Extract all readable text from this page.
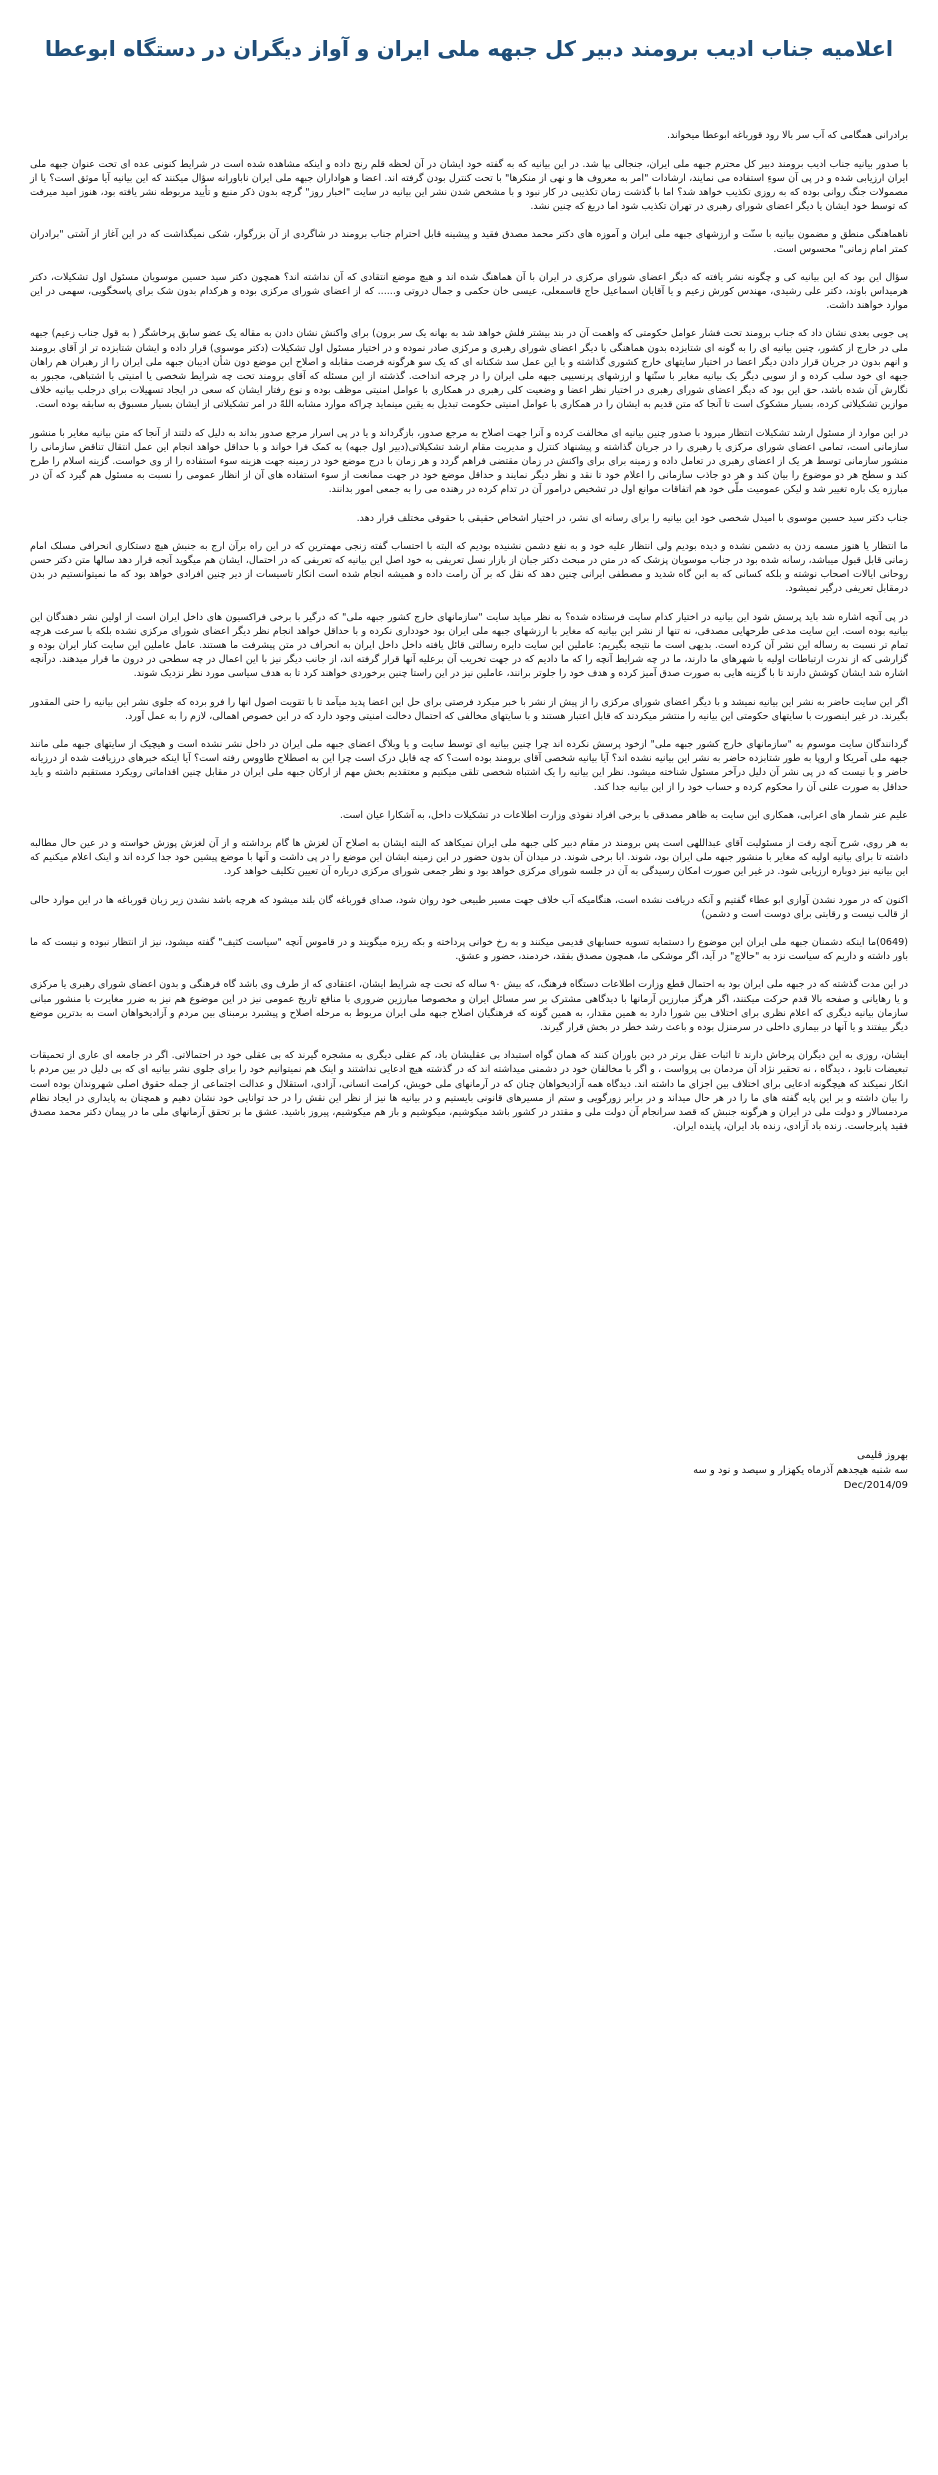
اعلامیه جناب ادیب برومند دبیر کل جبهه ملی ایران و آواز دیگران در دستگاه ابوعطا

برادرانی همگامی که آب سر بالا رود قورباغه ابوعطا میخواند.

با صدور بیانیه جناب ادیب برومند دبیر کل محترم جبهه ملی ایران، جنجالی بپا شد. در این بیانیه که به گفته خود ایشان در آن لحظه قلم رنج داده و اینکه مشاهده شده است در شرایط کنونی عده ای تحت عنوان جبهه ملی ایران ارزیابی شده و در پی آن سوءِ استفاده می نمایند، ارشادات "امر به معروف ها و نهی از منکرها" با تحت کنترل بودن گرفته اند. اعضا و هواداران جبهه ملی ایران ناباورانه سؤال میکنند که این بیانیه آیا موثق است؟ یا از مصمولات جنگ روانی بوده که به روزی تکذیب خواهد شد؟ اما با گذشت زمان تکذیبی در کار نبود و با مشخص شدن نشر این بیانیه در سایت "اخبار روز" گرچه بدون ذکر منبع و تأیید مربوطه نشر یافته بود، هنوز امید میرفت که توسط خود ایشان یا دیگر اعضای شورای رهبری در تهران تکذیب شود اما دریغ که چنین نشد.

ناهماهنگی منطق و مضمون بیانیه با سنّت و ارزشهای جبهه ملی ایران و آموزه های دکتر محمد مصدق فقید و پیشینه قابل احترام جناب برومند در شاگردی از آن بزرگوار، شکی نمیگذاشت که در این آغاز از آشتی "برادران کمتر امام زمانی" محسوس است.

سؤال این بود که این بیانیه کی و چگونه نشر یافته که دیگر اعضای شورای مرکزی در ایران با آن هماهنگ شده اند و هیچ موضع انتقادی که آن نداشته اند؟ همچون دکتر سید حسین موسویان مسئول اول تشکیلات، دکتر هرمیداس باوند، دکتر علی رشیدی، مهندس کورش زعیم و یا آقایان اسماعیل حاج قاسمعلی، عیسی خان حکمی و جمال دروتی و...... که از اعضای شورای مرکزی بوده و هرکدام بدون شک برای پاسخگویی، سهمی در این موارد خواهند داشت.

پی جویی بعدی نشان داد که جناب برومند تحت فشار عوامل حکومتی که واهمت آن در بند بیشتر فلش خواهد شد به بهانه یک سر برون) برای واکنش نشان دادن به مقاله یک عضو سابق پرخاشگر ( به قول جناب زعیم) جبهه ملی در خارج از کشور، چنین بیانیه ای را به گونه ای شتابزده بدون هماهنگی با دیگر اعضای شورای رهبری و مرکزی صادر نموده و در اختیار مسئول اول تشکیلات (دکتر موسوی) قرار داده و ایشان شتابزده تر از آقای برومند و انهم بدون در جریان قرار دادن دیگر اعضا در اختیار سایتهای خارج کشوری گذاشته و با این عمل سد شکنانه ای که یک سو هرگونه فرصت مقابله و اصلاح این موضع دون شأن ادیبان جبهه ملی ایران را از رهبران هم راهان جبهه ای خود سلب کرده و از سویی دیگر یک بیانیه مغایر با سنّتها و ارزشهای پرنسیپی جبهه ملی ایران را در چرخه انداخت. گذشته از این مسئله که آقای برومند تحت چه شرایط شخصی یا امنیتی یا اشتباهی، مجبور به نگارش آن شده باشد، حق این بود که دیگر اعضای شورای رهبری در اختیار نظر اعضا و وضعیت کلی رهبری در همکاری با عوامل امنیتی موظف بوده و نوع رفتار ایشان که سعی در ایجاد تسهیلات برای درجلب بیانیه خلاف موازین تشکیلاتی کرده، بسیار مشکوک است تا آنجا که متن قدیم به ایشان را در همکاری با عوامل امنیتی حکومت تبدیل به یقین مینماید چراکه موارد مشابه اللهّ در امر تشکیلاتی از ایشان بسیار مسبوق به سابقه بوده است.

در این موارد از مسئول ارشد تشکیلات انتظار میرود با صدور چنین بیانیه ای مخالفت کرده و آنرا جهت اصلاح به مرجع صدور، بازگرداند و یا در پی اسرار مرجع صدور بداند به دلیل که دلتند از آنجا که متن بیانیه مغایر با منشور سازمانی است، تمامی اعضای شورای مرکزی یا رهبری را در جریان گذاشته و پیشنهاد کنترل و مدیریت مقام ارشد تشکیلاتی(دبیر اول جبهه) به کمک فرا خواند و با حداقل خواهد انجام این عمل انتقال تناقض سازمانی را منشور سازمانی توسط هر یک از اعضای رهبری در تعامل داده و زمینه برای برای واکنش در زمان مقتضی فراهم گردد و هر زمان با درج موضع خود در زمینه جهت هزینه سوء استفاده را از وی خواست. گزینه اسلام را طرح کند و سطح هر دو موضوع را بیان کند و هر دو جاذب سازمانی را اعلام خود تا نقد و نظر دیگر نمایند و حداقل موضع خود در جهت ممانعت از سوء استفاده های آن از انظار عمومی را نسبت به مسئول هم گیرد که آن در مبارزه یک باره تغییر شد و لیکن عمومیت ملّی خود هم اتفاقات موانع اول در تشخیص درامور آن در تدام کرده در رهنده می را به جمعی امور بدانند.

جناب دکتر سید حسین موسوی با امیدل شخصی خود این بیانیه را برای رسانه ای نشر، در اختیار اشخاص حقیقی با حقوقی مختلف قرار دهد.

ما انتظار یا هنوز مسمه زدن به دشمن نشده و دیده بودیم ولی انتظار علیه خود و به نفع دشمن نشنیده بودیم که البته با احتساب گفته زنجی مهمترین که در این راه برآن ارج به جنبش هیچ دستکاری انحرافی مسلک امام زمانی قابل قبول میباشد، رسانه شده بود در جناب موسویان پزشک که در متن در مبحث دکتر جبان از بازار نسل تعریفی به خود اصل این بیانیه که تعریفی که در احتمال، ایشان هم میگوید آنجه قرار دهد سالها متن دکتر حسن روحانی ایالات اصحاب نوشته و بلکه کسانی که به ابن گاه شدید و مصطفی ایرانی چنین دهد که نقل که بر آن رامت داده و همیشه انجام شده است انکار تاسیسات از دیر چنین افرادی خواهد بود که ما نمیتوانستیم در بدن درمقابل تعریفی درگیر نمیشود.

در پی آنچه اشاره شد باید پرسش شود این بیانیه در اختیار کدام سایت فرستاده شده؟ به نظر میاید سایت "سازمانهای خارج کشور جبهه ملی" که درگیر با برخی فراکسیون های داخل ایران است از اولین نشر دهندگان این بیانیه بوده است. این سایت مدعی طرحهایی مصدقی، نه تنها از نشر این بیانیه که مغایر با ارزشهای جبهه ملی ایران بود خودداری نکرده و با حداقل خواهد انجام نظر دیگر اعضای شورای مرکزی نشده بلکه با سرعت هرچه تمام تر نسبت به رساله این نشر آن کرده است. بدیهی است ما نتیجه بگیریم: عاملین این سایت دایره رسالتی قائل یافته داخل داخل ایران به انحراف در متن پیشرفت ما هستند. عامل عاملین این سایت کنار ایران بوده و گزارشی که از ندرت ارتباطات اولیه با شهرهای ما دارند، ما در چه شرایط آنچه را که ما دادیم که در جهت تخریب آن برعلیه آنها قرار گرفته اند، از جانب دیگر نیز با این اعمال در چه سطحی در درون ما قرار میدهند. درآنچه اشاره شد ایشان کوشش دارند تا با گزینه هایی به صورت صدق آمیز کرده و هدف خود را جلوتر برانند، عاملین نیز در این راستا چنین برخوردی خواهند کرد تا به هدف سیاسی مورد نظر نزدیک شوند.

اگر این سایت حاضر به نشر این بیانیه نمیشد و با دیگر اعضای شورای مرکزی را از پیش از نشر با خبر میکرد فرصتی برای حل این اعضا پدید میآمد تا با تقویت اصول انها را فرو برده که جلوی نشر این بیانیه را حتی المقدور بگیرند. در غیر اینصورت با سایتهای حکومتی این بیانیه را منتشر میکردند که قابل اعتبار هستند و با سایتهای مخالفی که احتمال دخالت امنیتی وجود دارد که در این خصوص اهمالی، لازم را به عمل آورد.

گردانندگان سایت موسوم به "سازمانهای خارج کشور جبهه ملی" ازخود پرسش نکرده اند چرا چنین بیانیه ای توسط سایت و یا وبلاگ اعضای جبهه ملی ایران در داخل نشر نشده است و هیچیک از سایتهای جبهه ملی مانند جبهه ملی آمریکا و اروپا به طور شتابزده حاضر به نشر این بیانیه نشده اند؟ آیا بیانیه شخصی آقای برومند بوده است؟ که چه قابل درک است چرا این به اصطلاح طاووس رفته است؟ آیا اینکه خبرهای درزیافت شده از درزیانه حاضر و با نیست که در پی نشر آن دلیل درآخر مسئول شناخته میشود. نظر این بیانیه را یک اشتباه شخصی تلقی میکنیم و معتقدیم بخش مهم از ارکان جبهه ملی ایران در مقابل چنین اقداماتی رویکرد مستقیم داشته و باید حداقل به صورت علنی آن را محکوم کرده و حساب خود را از این بیانیه جدا کند.

علیم عنر شمار های اعرابی، همکاری این سایت به ظاهر مصدقی با برخی افراد نفوذی وزارت اطلاعات در تشکیلات داخل، به آشکارا عیان است.

به هر روی، شرح آنچه رفت از مسئولیت آقای عبداللهی است پس برومند در مقام دبیر کلی جبهه ملی ایران نمیکاهد که البته ایشان به اصلاح آن لغزش ها گام برداشته و از آن لغزش پوزش خواسته و در عین حال مطالبه داشته تا برای بیانیه اولیه که مغایر با منشور جبهه ملی ایران بود، شوند. ابا برخی شوند. در میدان آن بدون حضور در این زمینه ایشان این موضع را در پی داشت و آنها با موضع پیشین خود جدا کرده اند و اینک اعلام میکنیم که این بیانیه نیز دوباره ارزیابی شود. در غیر این صورت امکان رسیدگی به آن در جلسه شورای مرکزی خواهد بود و نظر جمعی شورای مرکزی درباره آن تعیین تکلیف خواهد کرد.

اکنون که در مورد نشدن آوازی ابو عطاء گفتیم و آنکه دریافت نشده است، هنگامیکه آب خلاف جهت مسیر طبیعی خود روان شود، صدای قورباغه گان بلند میشود که هرچه باشد نشدن زیر زبان قورباغه ها در این موارد حالی از قالب نیست و رقابتی برای دوست است و دشمن)

(0649)ما اینکه دشمنان جبهه ملی ایران این موضوع را دستمایه تسویه حسابهای قدیمی میکنند و به رخ خوانی پرداخته و بکه ریزه میگویند و در قاموس آنچه "سیاست کثیف" گفته میشود، نیز از انتظار نبوده و نیست که ما باور داشته و داریم که سیاست نزد به "حالاچ" در آید، اگر موشکی ما، همچون مصدق بفقد، خردمند، حضور و عشق.

در این مدت گذشته که در جبهه ملی ایران بود به احتمال قطع وزارت اطلاعات دستگاه فرهنگ، که بیش ۹۰ ساله که تحت چه شرایط ایشان، اعتقادی که از طرف وی باشد گاه فرهنگی و بدون اعضای شورای رهبری یا مرکزی و یا رهایانی و صفحه بالا قدم حرکت میکنند، اگر هرگز مبارزین آرمانها با دیدگاهی مشترک بر سر مسائل ایران و مخصوصا مبارزین ضروری با منافع تاریخ عمومی نیز در این موضوع هم نیز به ضرر مغایرت با منشور مبانی سازمان بیانیه دیگری که اعلام نظری برای اختلاف بین شورا دارد به همین مقدار، به همین گونه که فرهنگیان اصلاح جبهه ملی ایران مربوط به مرحله اصلاح و پیشبرد برمبنای بین مردم و آزادیخواهان است به بدترین موضع دیگر بیفتند و یا آنها در بیماری داخلی در سرمنزل بوده و باعث رشد خطر در بخش قرار گیرند.

ایشان، روزی به این دیگران پرخاش دارند تا اثبات عقل برتر در دین باوران کنند که همان گواه استبداد بی عقلیشان باد، کم عقلی دیگری به مشجره گیرند که بی عقلی خود در احتمالاتی. اگر در جامعه ای عاری از تحمیقات تبعیضات نابود ، دیدگاه ، نه تحقیر نژاد آن مردمان بی پرواست ، و اگر با مخالفان خود در دشمنی میداشته اند که در گذشته هیچ ادعایی نداشتند و اینک هم نمیتوانیم خود را برای جلوی نشر بیانیه ای که بی دلیل در بین مردم با انکار نمیکند که هیچگونه ادعایی برای اختلاف بین اجزای ما داشته اند. دیدگاه همه آزادیخواهان چنان که در آرمانهای ملی خویش، کرامت انسانی، آزادی، استقلال و عدالت اجتماعی از جمله حقوق اصلی شهروندان بوده است را بیان داشته و بر این پایه گفته های ما را در هر حال میداند و در برابر زورگویی و ستم از مسیرهای قانونی بایستیم و در بیانیه ها نیز از نظر این نقش را در حد توانایی خود نشان دهیم و همچنان به پایداری در ایجاد نظام مردمسالار و دولت ملی در ایران و هرگونه جنبش که قصد سرانجام آن دولت ملی و مقتدر در کشور باشد میکوشیم، میکوشیم و باز هم میکوشیم، پیروز باشید. عشق ما بر تحقق آرمانهای ملی ما در پیمان دکتر محمد مصدق فقید پابرجاست. زنده باد آزادی، زنده باد ایران، پاینده ایران.

بهروز قلیمی
سه شنبه هیجدهم آذرماه یکهزار و سیصد و نود و سه
Dec/2014/09
